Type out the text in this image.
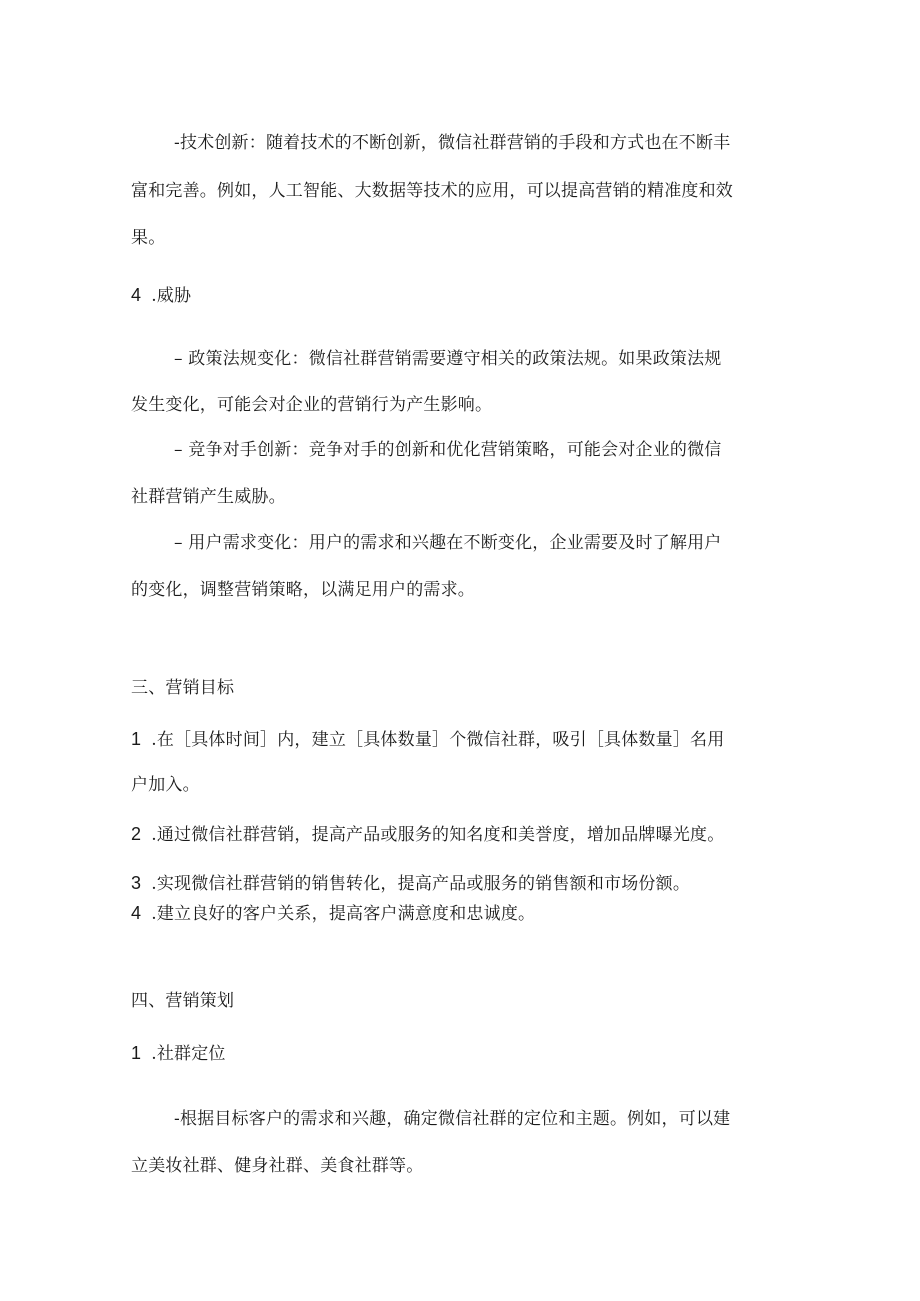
-技术创新：随着技术的不断创新，微信社群营销的手段和方式也在不断丰
富和完善。例如，人工智能、大数据等技术的应用，可以提高营销的精准度和效
果。
4 .威胁
– 政策法规变化：微信社群营销需要遵守相关的政策法规。如果政策法规
发生变化，可能会对企业的营销行为产生影响。
– 竞争对手创新：竞争对手的创新和优化营销策略，可能会对企业的微信
社群营销产生威胁。
– 用户需求变化：用户的需求和兴趣在不断变化，企业需要及时了解用户
的变化，调整营销策略，以满足用户的需求。
三、营销目标
1 .在［具体时间］内，建立［具体数量］个微信社群，吸引［具体数量］名用
户加入。
2 .通过微信社群营销，提高产品或服务的知名度和美誉度，增加品牌曝光度。
3 .实现微信社群营销的销售转化，提高产品或服务的销售额和市场份额。
4 .建立良好的客户关系，提高客户满意度和忠诚度。
四、营销策划
1 .社群定位
-根据目标客户的需求和兴趣，确定微信社群的定位和主题。例如，可以建
立美妆社群、健身社群、美食社群等。
